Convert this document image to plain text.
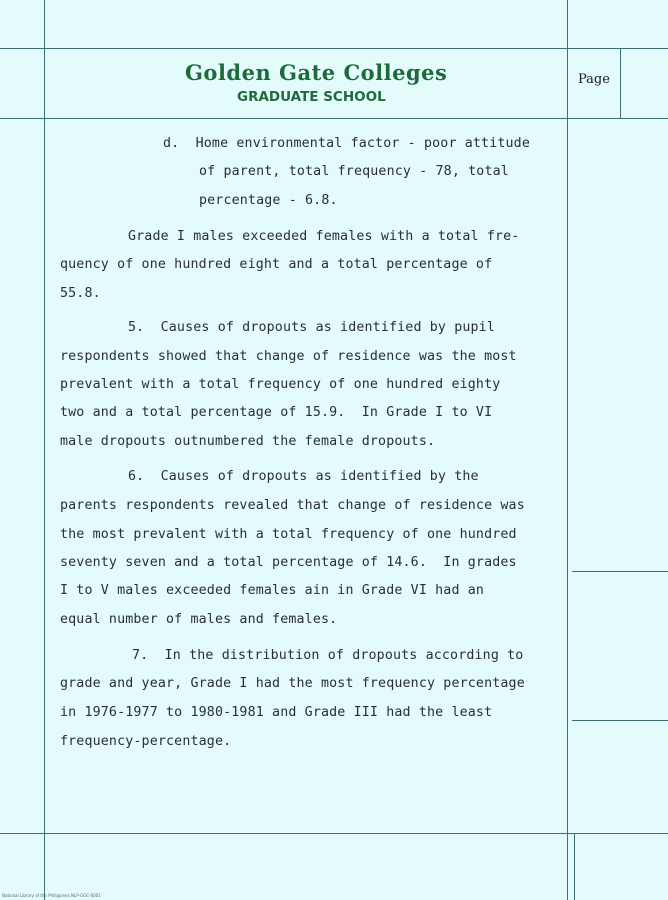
Golden Gate Colleges
GRADUATE SCHOOL
Page
d.  Home environmental factor - poor attitude
of parent, total frequency - 78, total
percentage - 6.8.
Grade I males exceeded females with a total fre-
quency of one hundred eight and a total percentage of
55.8.
5.  Causes of dropouts as identified by pupil
respondents showed that change of residence was the most
prevalent with a total frequency of one hundred eighty
two and a total percentage of 15.9.  In Grade I to VI
male dropouts outnumbered the female dropouts.
6.  Causes of dropouts as identified by the
parents respondents revealed that change of residence was
the most prevalent with a total frequency of one hundred
seventy seven and a total percentage of 14.6.  In grades
I to V males exceeded females ain in Grade VI had an
equal number of males and females.
7.  In the distribution of dropouts according to
grade and year, Grade I had the most frequency percentage
in 1976-1977 to 1980-1981 and Grade III had the least
frequency-percentage.
National Library of the Philippines NLP-GGC-0001
